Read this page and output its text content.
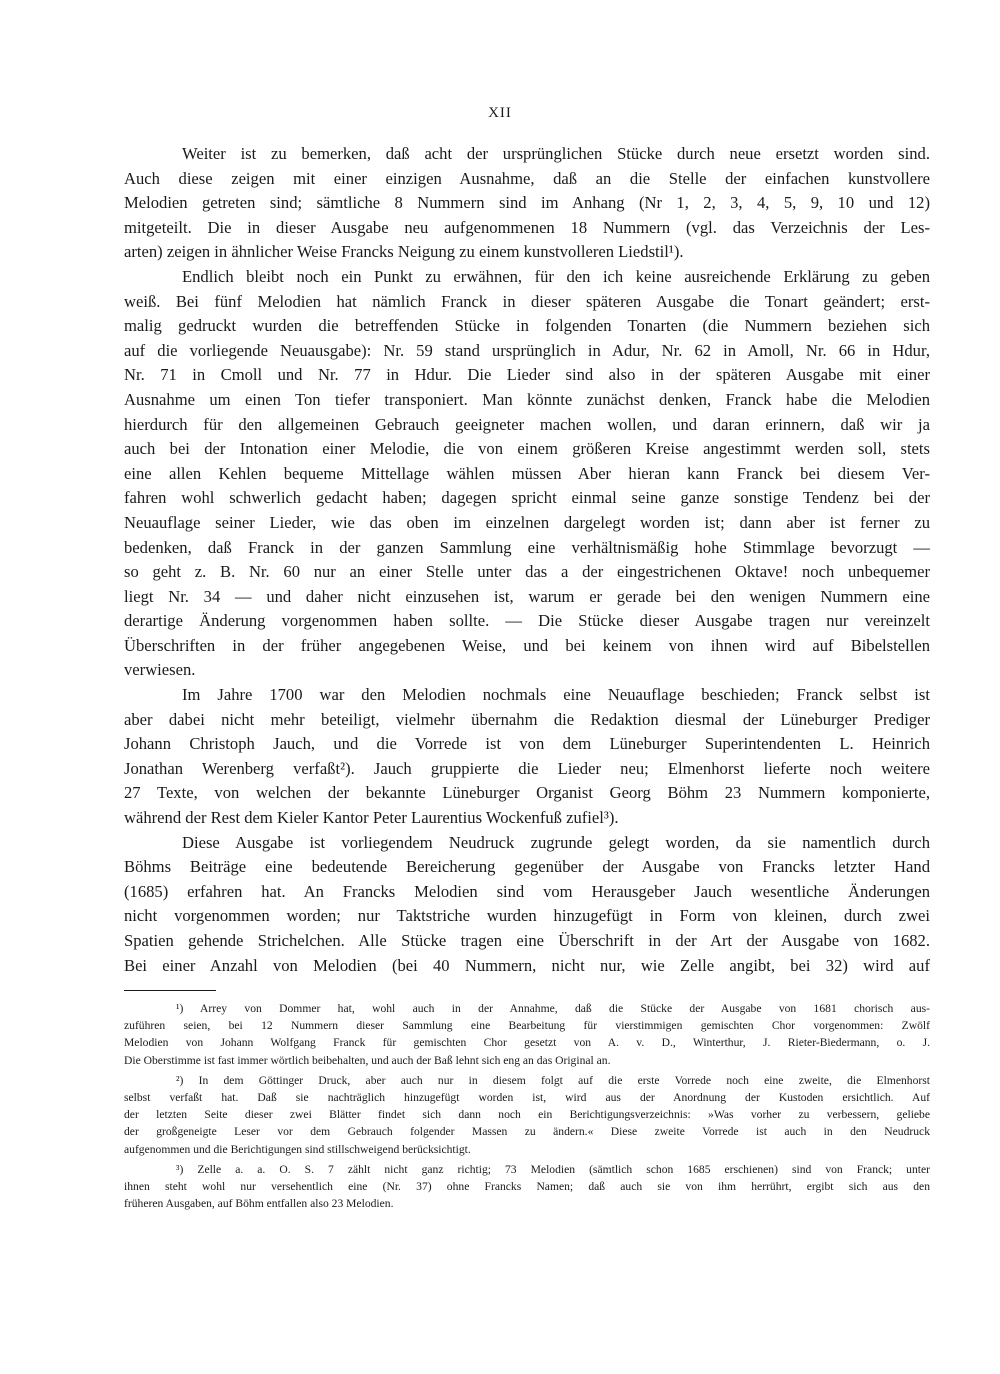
XII
Weiter ist zu bemerken, daß acht der ursprünglichen Stücke durch neue ersetzt worden sind.
Auch diese zeigen mit einer einzigen Ausnahme, daß an die Stelle der einfachen kunstvollere
Melodien getreten sind; sämtliche 8 Nummern sind im Anhang (Nr 1, 2, 3, 4, 5, 9, 10 und 12)
mitgeteilt. Die in dieser Ausgabe neu aufgenommenen 18 Nummern (vgl. das Verzeichnis der Les-
arten) zeigen in ähnlicher Weise Francks Neigung zu einem kunstvolleren Liedstil¹).
Endlich bleibt noch ein Punkt zu erwähnen, für den ich keine ausreichende Erklärung zu geben
weiß. Bei fünf Melodien hat nämlich Franck in dieser späteren Ausgabe die Tonart geändert; erst-
malig gedruckt wurden die betreffenden Stücke in folgenden Tonarten (die Nummern beziehen sich
auf die vorliegende Neuausgabe): Nr. 59 stand ursprünglich in Adur, Nr. 62 in Amoll, Nr. 66 in Hdur,
Nr. 71 in Cmoll und Nr. 77 in Hdur. Die Lieder sind also in der späteren Ausgabe mit einer
Ausnahme um einen Ton tiefer transponiert. Man könnte zunächst denken, Franck habe die Melodien
hierdurch für den allgemeinen Gebrauch geeigneter machen wollen, und daran erinnern, daß wir ja
auch bei der Intonation einer Melodie, die von einem größeren Kreise angestimmt werden soll, stets
eine allen Kehlen bequeme Mittellage wählen müssen Aber hieran kann Franck bei diesem Ver-
fahren wohl schwerlich gedacht haben; dagegen spricht einmal seine ganze sonstige Tendenz bei der
Neuauflage seiner Lieder, wie das oben im einzelnen dargelegt worden ist; dann aber ist ferner zu
bedenken, daß Franck in der ganzen Sammlung eine verhältnismäßig hohe Stimmlage bevorzugt —
so geht z. B. Nr. 60 nur an einer Stelle unter das a der eingestrichenen Oktave! noch unbequemer
liegt Nr. 34 — und daher nicht einzusehen ist, warum er gerade bei den wenigen Nummern eine
derartige Änderung vorgenommen haben sollte. — Die Stücke dieser Ausgabe tragen nur vereinzelt
Überschriften in der früher angegebenen Weise, und bei keinem von ihnen wird auf Bibelstellen
verwiesen.
Im Jahre 1700 war den Melodien nochmals eine Neuauflage beschieden; Franck selbst ist
aber dabei nicht mehr beteiligt, vielmehr übernahm die Redaktion diesmal der Lüneburger Prediger
Johann Christoph Jauch, und die Vorrede ist von dem Lüneburger Superintendenten L. Heinrich
Jonathan Werenberg verfaßt²). Jauch gruppierte die Lieder neu; Elmenhorst lieferte noch weitere
27 Texte, von welchen der bekannte Lüneburger Organist Georg Böhm 23 Nummern komponierte,
während der Rest dem Kieler Kantor Peter Laurentius Wockenfuß zufiel³).
Diese Ausgabe ist vorliegendem Neudruck zugrunde gelegt worden, da sie namentlich durch
Böhms Beiträge eine bedeutende Bereicherung gegenüber der Ausgabe von Francks letzter Hand
(1685) erfahren hat. An Francks Melodien sind vom Herausgeber Jauch wesentliche Änderungen
nicht vorgenommen worden; nur Taktstriche wurden hinzugefügt in Form von kleinen, durch zwei
Spatien gehende Strichelchen. Alle Stücke tragen eine Überschrift in der Art der Ausgabe von 1682.
Bei einer Anzahl von Melodien (bei 40 Nummern, nicht nur, wie Zelle angibt, bei 32) wird auf
¹) Arrey von Dommer hat, wohl auch in der Annahme, daß die Stücke der Ausgabe von 1681 chorisch aus-
zuführen seien, bei 12 Nummern dieser Sammlung eine Bearbeitung für vierstimmigen gemischten Chor vorgenommen: Zwölf
Melodien von Johann Wolfgang Franck für gemischten Chor gesetzt von A. v. D., Winterthur, J. Rieter-Biedermann, o. J.
Die Oberstimme ist fast immer wörtlich beibehalten, und auch der Baß lehnt sich eng an das Original an.
²) In dem Göttinger Druck, aber auch nur in diesem folgt auf die erste Vorrede noch eine zweite, die Elmenhorst
selbst verfaßt hat. Daß sie nachträglich hinzugefügt worden ist, wird aus der Anordnung der Kustoden ersichtlich. Auf
der letzten Seite dieser zwei Blätter findet sich dann noch ein Berichtigungsverzeichnis: »Was vorher zu verbessern, geliebe
der großgeneigte Leser vor dem Gebrauch folgender Massen zu ändern.« Diese zweite Vorrede ist auch in den Neudruck
aufgenommen und die Berichtigungen sind stillschweigend berücksichtigt.
³) Zelle a. a. O. S. 7 zählt nicht ganz richtig; 73 Melodien (sämtlich schon 1685 erschienen) sind von Franck; unter
ihnen steht wohl nur versehentlich eine (Nr. 37) ohne Francks Namen; daß auch sie von ihm herrührt, ergibt sich aus den
früheren Ausgaben, auf Böhm entfallen also 23 Melodien.
